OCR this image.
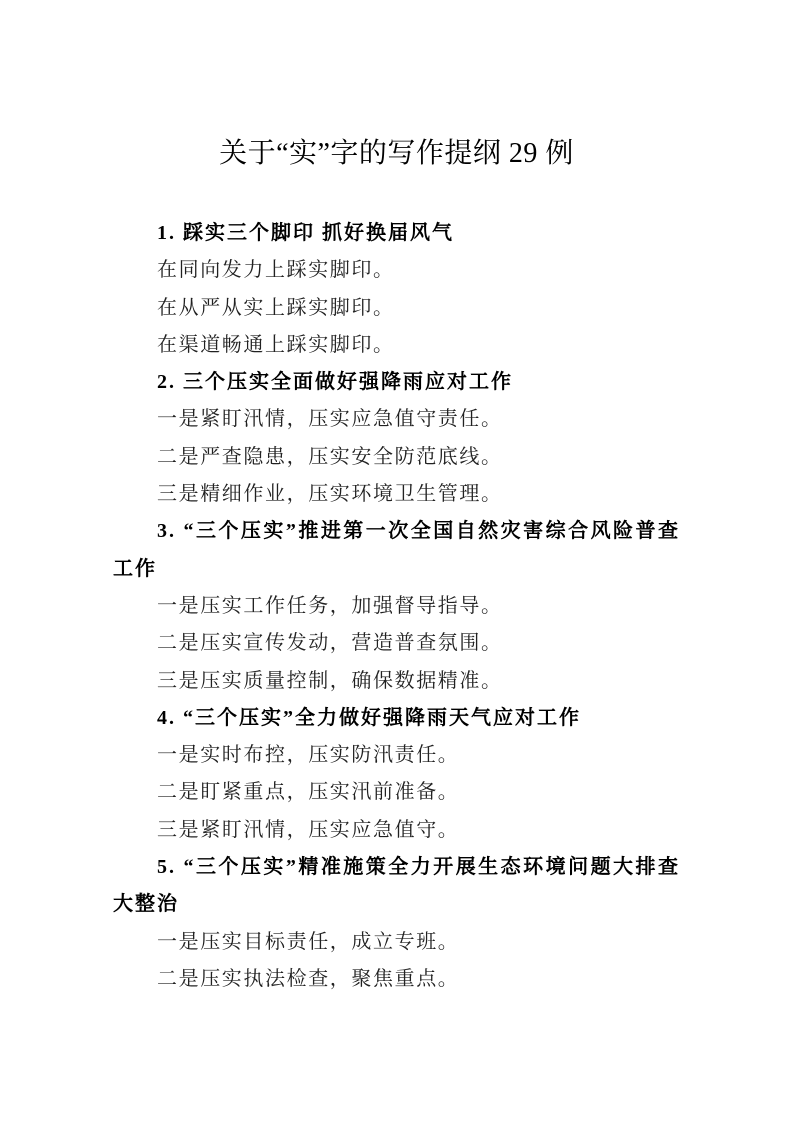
关于“实”字的写作提纲 29 例

1. 踩实三个脚印 抓好换届风气

在同向发力上踩实脚印。

在从严从实上踩实脚印。

在渠道畅通上踩实脚印。

2. 三个压实全面做好强降雨应对工作

一是紧盯汛情，压实应急值守责任。

二是严查隐患，压实安全防范底线。

三是精细作业，压实环境卫生管理。

3. “三个压实”推进第一次全国自然灾害综合风险普查工作

一是压实工作任务，加强督导指导。

二是压实宣传发动，营造普查氛围。

三是压实质量控制，确保数据精准。

4. “三个压实”全力做好强降雨天气应对工作

一是实时布控，压实防汛责任。

二是盯紧重点，压实汛前准备。

三是紧盯汛情，压实应急值守。

5. “三个压实”精准施策全力开展生态环境问题大排查大整治

一是压实目标责任，成立专班。

二是压实执法检查，聚焦重点。
